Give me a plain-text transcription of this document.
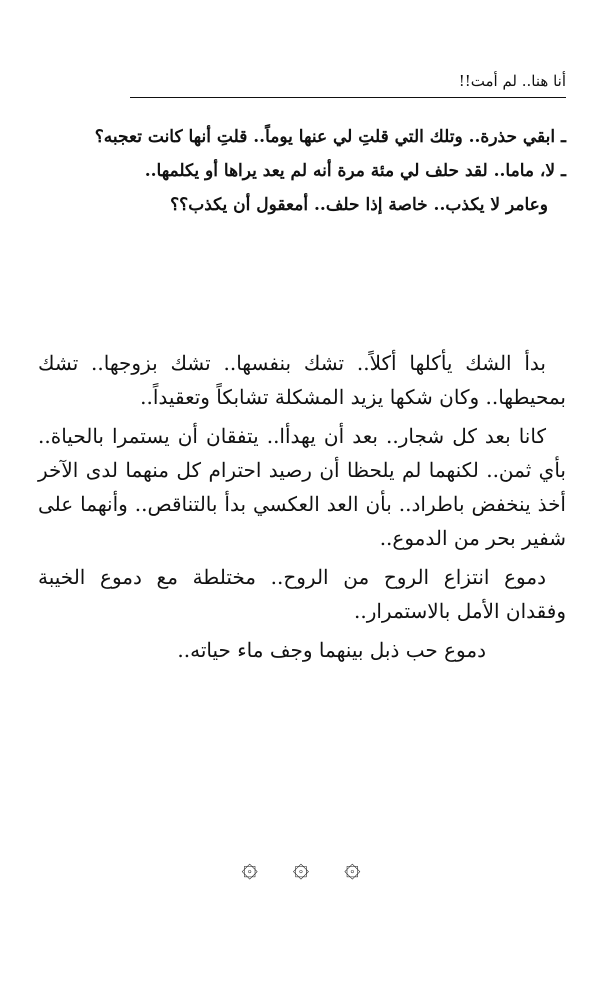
أنا هنا.. لم أمت!!

ـ ابقي حذرة.. وتلك التي قلتِ لي عنها يوماً.. قلتِ أنها كانت تعجبه؟

ـ لا، ماما.. لقد حلف لي مئة مرة أنه لم يعد يراها أو يكلمها..

وعامر لا يكذب.. خاصة إذا حلف.. أمعقول أن يكذب؟؟

بدأ الشك يأكلها أكلاً.. تشك بنفسها.. تشك بزوجها.. تشك بمحيطها.. وكان شكها يزيد المشكلة تشابكاً وتعقيداً..

كانا بعد كل شجار.. بعد أن يهدأا.. يتفقان أن يستمرا بالحياة.. بأي ثمن.. لكنهما لم يلحظا أن رصيد احترام كل منهما لدى الآخر أخذ ينخفض باطراد.. بأن العد العكسي بدأ بالتناقص.. وأنهما على شفير بحر من الدموع..

دموع انتزاع الروح من الروح.. مختلطة مع دموع الخيبة وفقدان الأمل بالاستمرار..

دموع حب ذبل بينهما وجف ماء حياته..

۞ ۞ ۞
